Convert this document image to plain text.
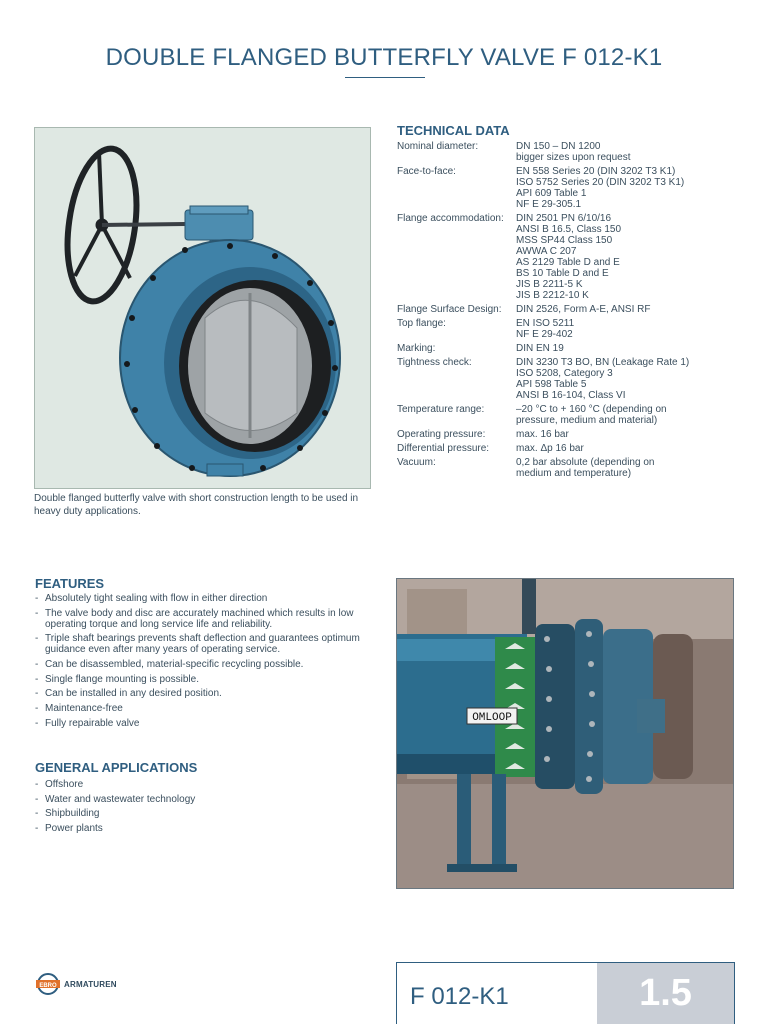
DOUBLE FLANGED BUTTERFLY VALVE F 012-K1
Double flanged butterfly valve with short construction length to be used in heavy duty applications.
TECHNICAL DATA
Nominal diameter:	DN 150 – DN 1200
bigger sizes upon request
Face-to-face:	EN 558 Series 20 (DIN 3202 T3 K1)
ISO 5752 Series 20 (DIN 3202 T3 K1)
API 609 Table 1
NF E 29-305.1
Flange accommodation:	DIN 2501 PN 6/10/16
ANSI B 16.5, Class 150
MSS SP44 Class 150
AWWA C 207
AS 2129 Table D and E
BS 10 Table D and E
JIS B 2211-5 K
JIS B 2212-10 K
Flange Surface Design:	DIN 2526, Form A-E, ANSI RF
Top flange:	EN ISO 5211
NF E 29-402
Marking:	DIN EN 19
Tightness check:	DIN 3230 T3 BO, BN (Leakage Rate 1)
ISO 5208, Category 3
API 598 Table 5
ANSI B 16-104, Class VI
Temperature range:	–20 °C to + 160 °C (depending on
pressure, medium and material)
Operating pressure:	max. 16 bar
Differential pressure:	max. Δp 16 bar
Vacuum:	0,2 bar absolute (depending on
medium and temperature)
FEATURES
- Absolutely tight sealing with flow in either direction
- The valve body and disc are accurately machined which results in low operating torque and long service life and reliability.
- Triple shaft bearings prevents shaft deflection and guarantees optimum guidance even after many years of operating service.
- Can be disassembled, material-specific recycling possible.
- Single flange mounting is possible.
- Can be installed in any desired position.
- Maintenance-free
- Fully repairable valve
GENERAL APPLICATIONS
- Offshore
- Water and wastewater technology
- Shipbuilding
- Power plants
OMLOOP
EBRO ARMATUREN	F 012-K1	1.5
